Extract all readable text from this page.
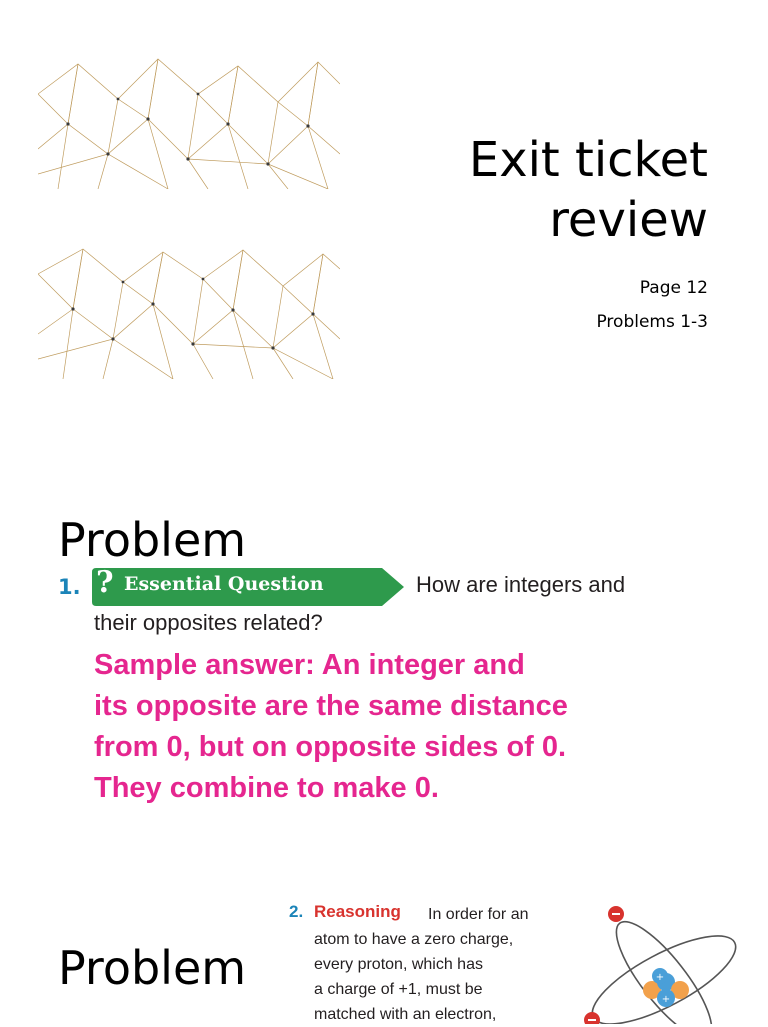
Exit ticket
review
Page 12
Problems 1-3
Problem
1. ? Essential Question	How are integers and
their opposites related?
Sample answer: An integer and
its opposite are the same distance
from 0, but on opposite sides of 0.
They combine to make 0.
Problem
2. Reasoning In order for an
atom to have a zero charge,
every proton, which has
a charge of +1, must be
matched with an electron,
+
+
